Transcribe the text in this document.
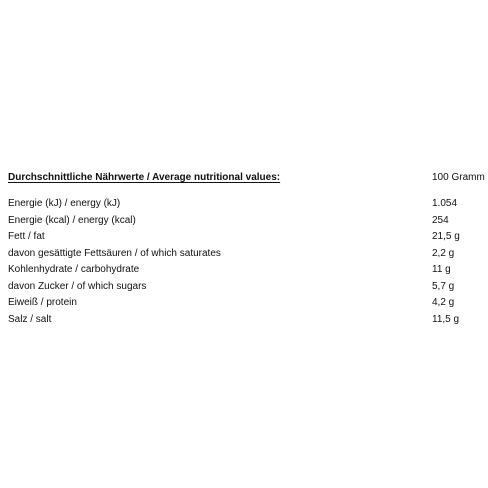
Durchschnittliche Nährwerte / Average nutritional values:	100 Gramm
Energie (kJ) / energy (kJ)	1.054
Energie (kcal) / energy (kcal)	254
Fett / fat	21,5 g
davon gesättigte Fettsäuren / of which saturates	2,2 g
Kohlenhydrate / carbohydrate	11 g
davon Zucker / of which sugars	5,7 g
Eiweiß / protein	4,2 g
Salz / salt	11,5 g
